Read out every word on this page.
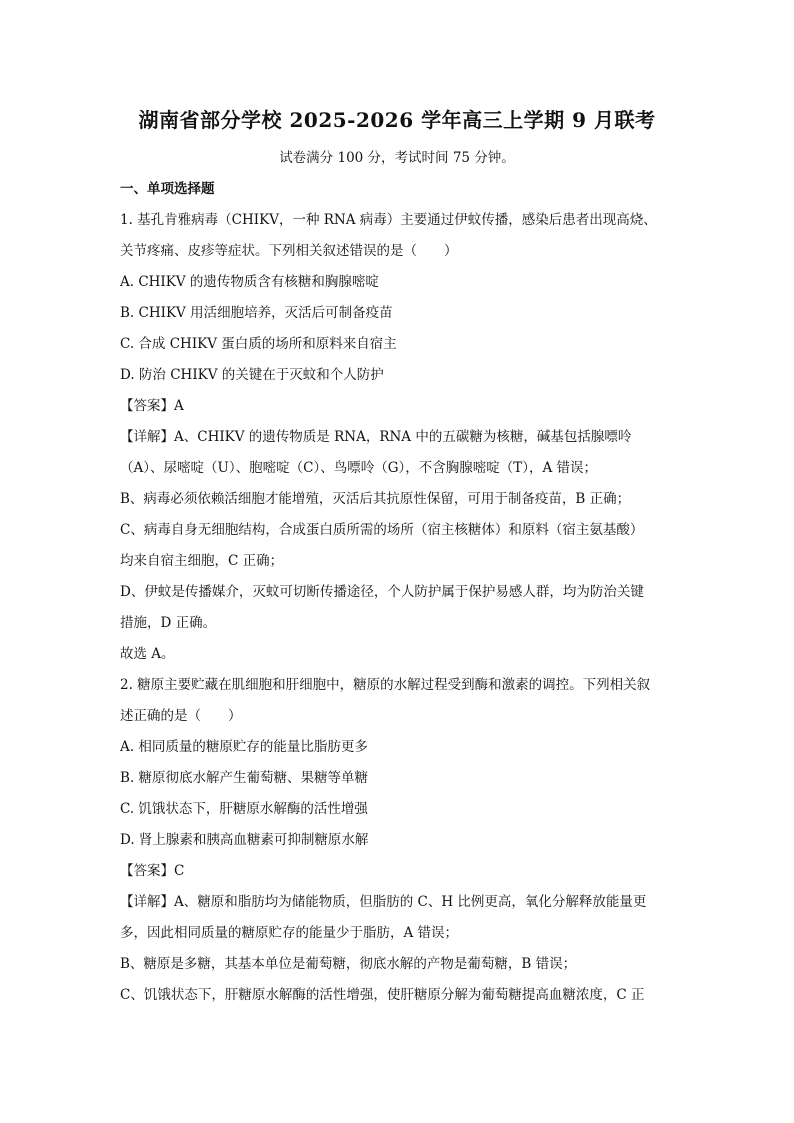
湖南省部分学校 2025-2026 学年高三上学期 9 月联考
试卷满分 100 分，考试时间 75 分钟。
一、单项选择题
1. 基孔肯雅病毒（CHIKV，一种 RNA 病毒）主要通过伊蚊传播，感染后患者出现高烧、
关节疼痛、皮疹等症状。下列相关叙述错误的是（　　）
A. CHIKV 的遗传物质含有核糖和胸腺嘧啶
B. CHIKV 用活细胞培养，灭活后可制备疫苗
C. 合成 CHIKV 蛋白质的场所和原料来自宿主
D. 防治 CHIKV 的关键在于灭蚊和个人防护
【答案】A
【详解】A、CHIKV 的遗传物质是 RNA，RNA 中的五碳糖为核糖，碱基包括腺嘌呤
（A）、尿嘧啶（U）、胞嘧啶（C）、鸟嘌呤（G），不含胸腺嘧啶（T），A 错误；
B、病毒必须依赖活细胞才能增殖，灭活后其抗原性保留，可用于制备疫苗，B 正确；
C、病毒自身无细胞结构，合成蛋白质所需的场所（宿主核糖体）和原料（宿主氨基酸）
均来自宿主细胞，C 正确；
D、伊蚊是传播媒介，灭蚊可切断传播途径，个人防护属于保护易感人群，均为防治关键
措施，D 正确。
故选 A。
2. 糖原主要贮藏在肌细胞和肝细胞中，糖原的水解过程受到酶和激素的调控。下列相关叙
述正确的是（　　）
A. 相同质量的糖原贮存的能量比脂肪更多
B. 糖原彻底水解产生葡萄糖、果糖等单糖
C. 饥饿状态下，肝糖原水解酶的活性增强
D. 肾上腺素和胰高血糖素可抑制糖原水解
【答案】C
【详解】A、糖原和脂肪均为储能物质，但脂肪的 C、H 比例更高，氧化分解释放能量更
多，因此相同质量的糖原贮存的能量少于脂肪，A 错误；
B、糖原是多糖，其基本单位是葡萄糖，彻底水解的产物是葡萄糖，B 错误；
C、饥饿状态下，肝糖原水解酶的活性增强，使肝糖原分解为葡萄糖提高血糖浓度，C 正
